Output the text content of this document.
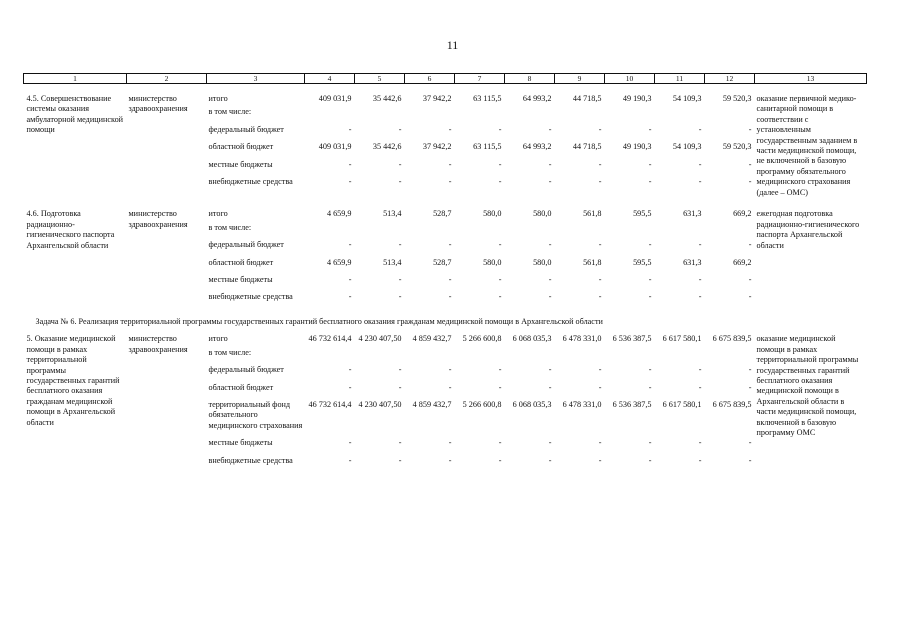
11
1	2	3	4	5	6	7	8	9	10	11	12	13
4.5. Совершенствование системы оказания амбулаторной медицинской помощи	министерство здравоохранения	итого	409 031,9	35 442,6	37 942,2	63 115,5	64 993,2	44 718,5	49 190,3	54 109,3	59 520,3	оказание первичной медико-санитарной помощи в соответствии с установленным государственным заданием в части медицинской помощи, не включенной в базовую программу обязательного медицинского страхования (далее – ОМС)
		в том числе:										
		федеральный бюджет	-	-	-	-	-	-	-	-	-	
		областной бюджет	409 031,9	35 442,6	37 942,2	63 115,5	64 993,2	44 718,5	49 190,3	54 109,3	59 520,3	
		местные бюджеты	-	-	-	-	-	-	-	-	-	
		внебюджетные средства	-	-	-	-	-	-	-	-	-	
4.6. Подготовка радиационно-гигиенического паспорта Архангельской области	министерство здравоохранения	итого	4 659,9	513,4	528,7	580,0	580,0	561,8	595,5	631,3	669,2	ежегодная подготовка радиационно-гигиенического паспорта Архангельской области
		в том числе:										
		федеральный бюджет	-	-	-	-	-	-	-	-	-	
		областной бюджет	4 659,9	513,4	528,7	580,0	580,0	561,8	595,5	631,3	669,2	
		местные бюджеты	-	-	-	-	-	-	-	-	-	
		внебюджетные средства	-	-	-	-	-	-	-	-	-	
Задача № 6. Реализация территориальной программы государственных гарантий бесплатного оказания гражданам медицинской помощи в Архангельской области												
5. Оказание медицинской помощи в рамках территориальной программы государственных гарантий бесплатного оказания гражданам медицинской помощи в Архангельской области	министерство здравоохранения	итого	46 732 614,4	4 230 407,50	4 859 432,7	5 266 600,8	6 068 035,3	6 478 331,0	6 536 387,5	6 617 580,1	6 675 839,5	оказание медицинской помощи в рамках территориальной программы государственных гарантий бесплатного оказания медицинской помощи в Архангельской области в части медицинской помощи, включенной в базовую программу ОМС
		в том числе:										
		федеральный бюджет	-	-	-	-	-	-	-	-	-	
		областной бюджет	-	-	-	-	-	-	-	-	-	
		территориальный фонд обязательного медицинского страхования	46 732 614,4	4 230 407,50	4 859 432,7	5 266 600,8	6 068 035,3	6 478 331,0	6 536 387,5	6 617 580,1	6 675 839,5	
		местные бюджеты	-	-	-	-	-	-	-	-	-	
		внебюджетные средства	-	-	-	-	-	-	-	-	-	
